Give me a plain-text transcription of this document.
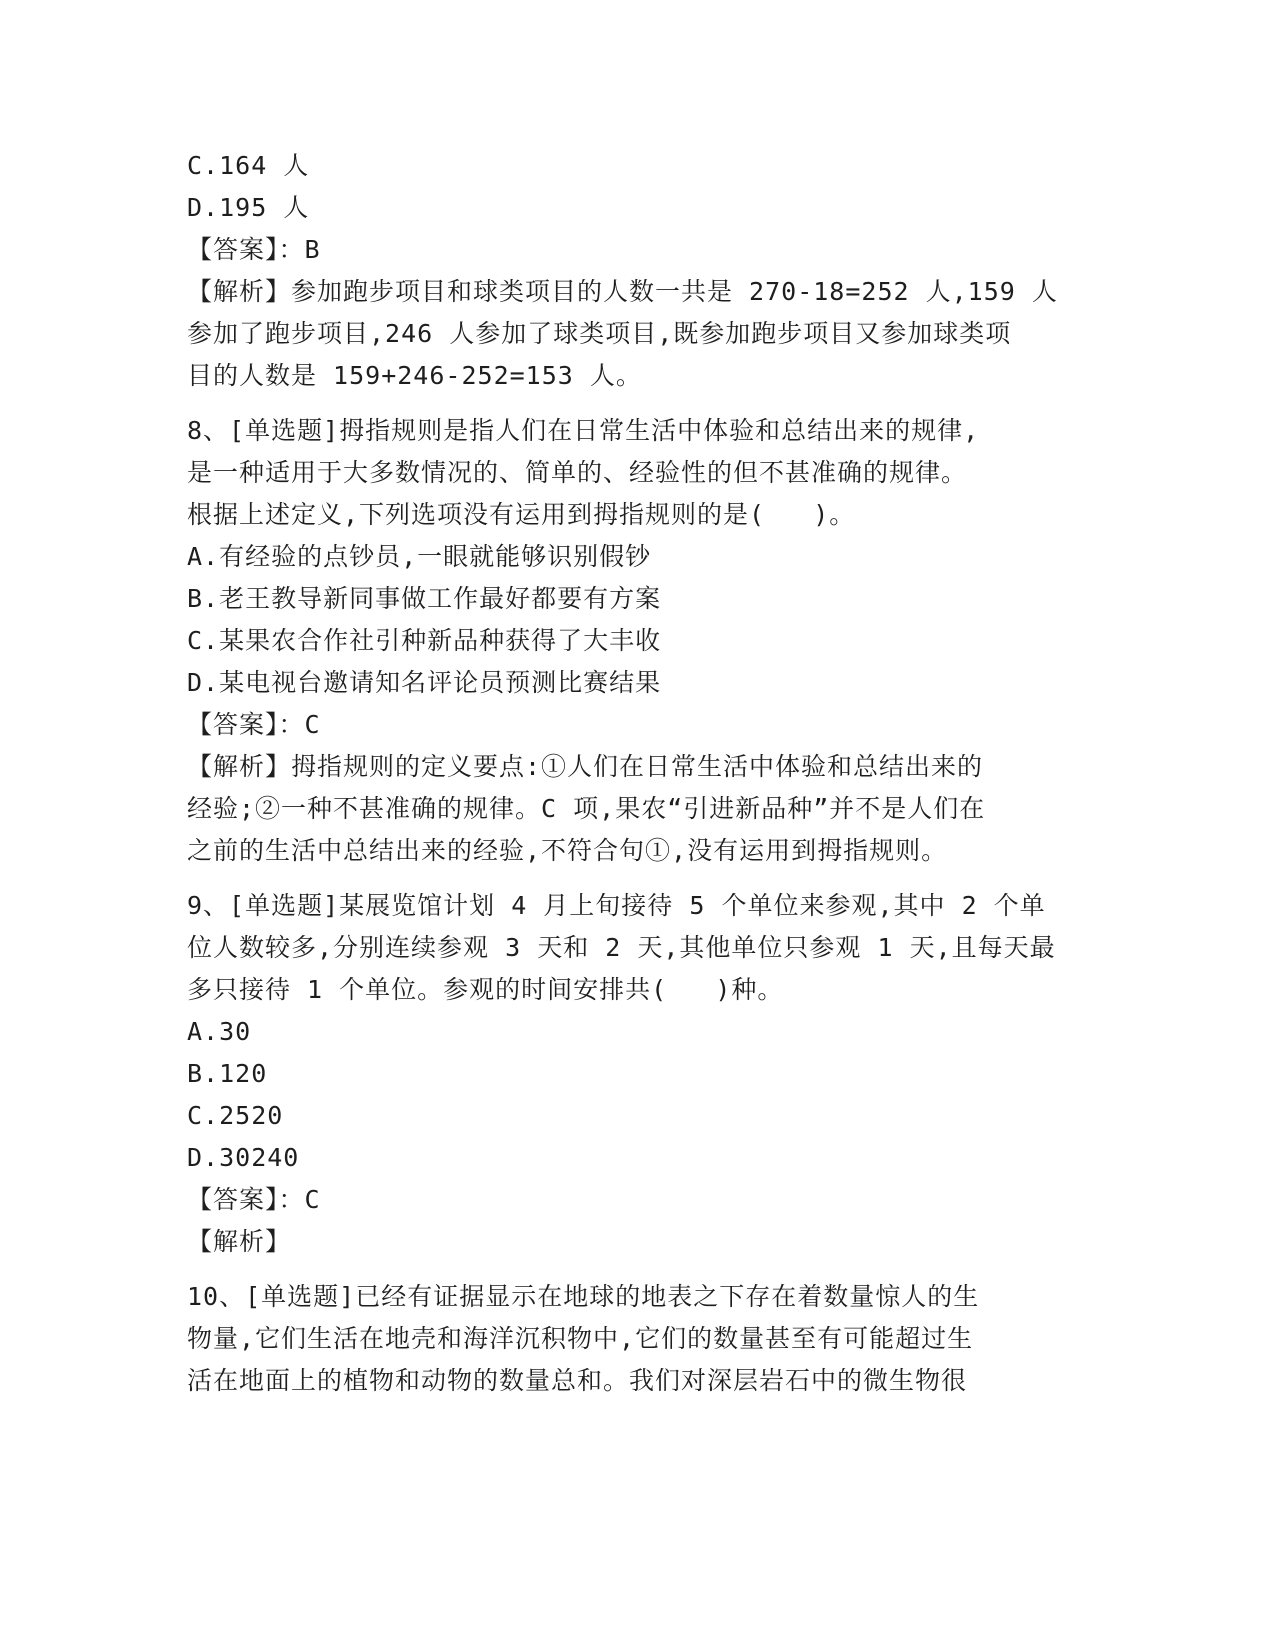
C.164 人
D.195 人
【答案】：B
【解析】参加跑步项目和球类项目的人数一共是 270-18=252 人,159 人
参加了跑步项目,246 人参加了球类项目,既参加跑步项目又参加球类项
目的人数是 159+246-252=153 人。
8、[单选题]拇指规则是指人们在日常生活中体验和总结出来的规律,
是一种适用于大多数情况的、简单的、经验性的但不甚准确的规律。
根据上述定义,下列选项没有运用到拇指规则的是(   )。
A.有经验的点钞员,一眼就能够识别假钞
B.老王教导新同事做工作最好都要有方案
C.某果农合作社引种新品种获得了大丰收
D.某电视台邀请知名评论员预测比赛结果
【答案】：C
【解析】拇指规则的定义要点:①人们在日常生活中体验和总结出来的
经验;②一种不甚准确的规律。C 项,果农“引进新品种”并不是人们在
之前的生活中总结出来的经验,不符合句①,没有运用到拇指规则。
9、[单选题]某展览馆计划 4 月上旬接待 5 个单位来参观,其中 2 个单
位人数较多,分别连续参观 3 天和 2 天,其他单位只参观 1 天,且每天最
多只接待 1 个单位。参观的时间安排共(   )种。
A.30
B.120
C.2520
D.30240
【答案】：C
【解析】
10、[单选题]已经有证据显示在地球的地表之下存在着数量惊人的生
物量,它们生活在地壳和海洋沉积物中,它们的数量甚至有可能超过生
活在地面上的植物和动物的数量总和。我们对深层岩石中的微生物很
